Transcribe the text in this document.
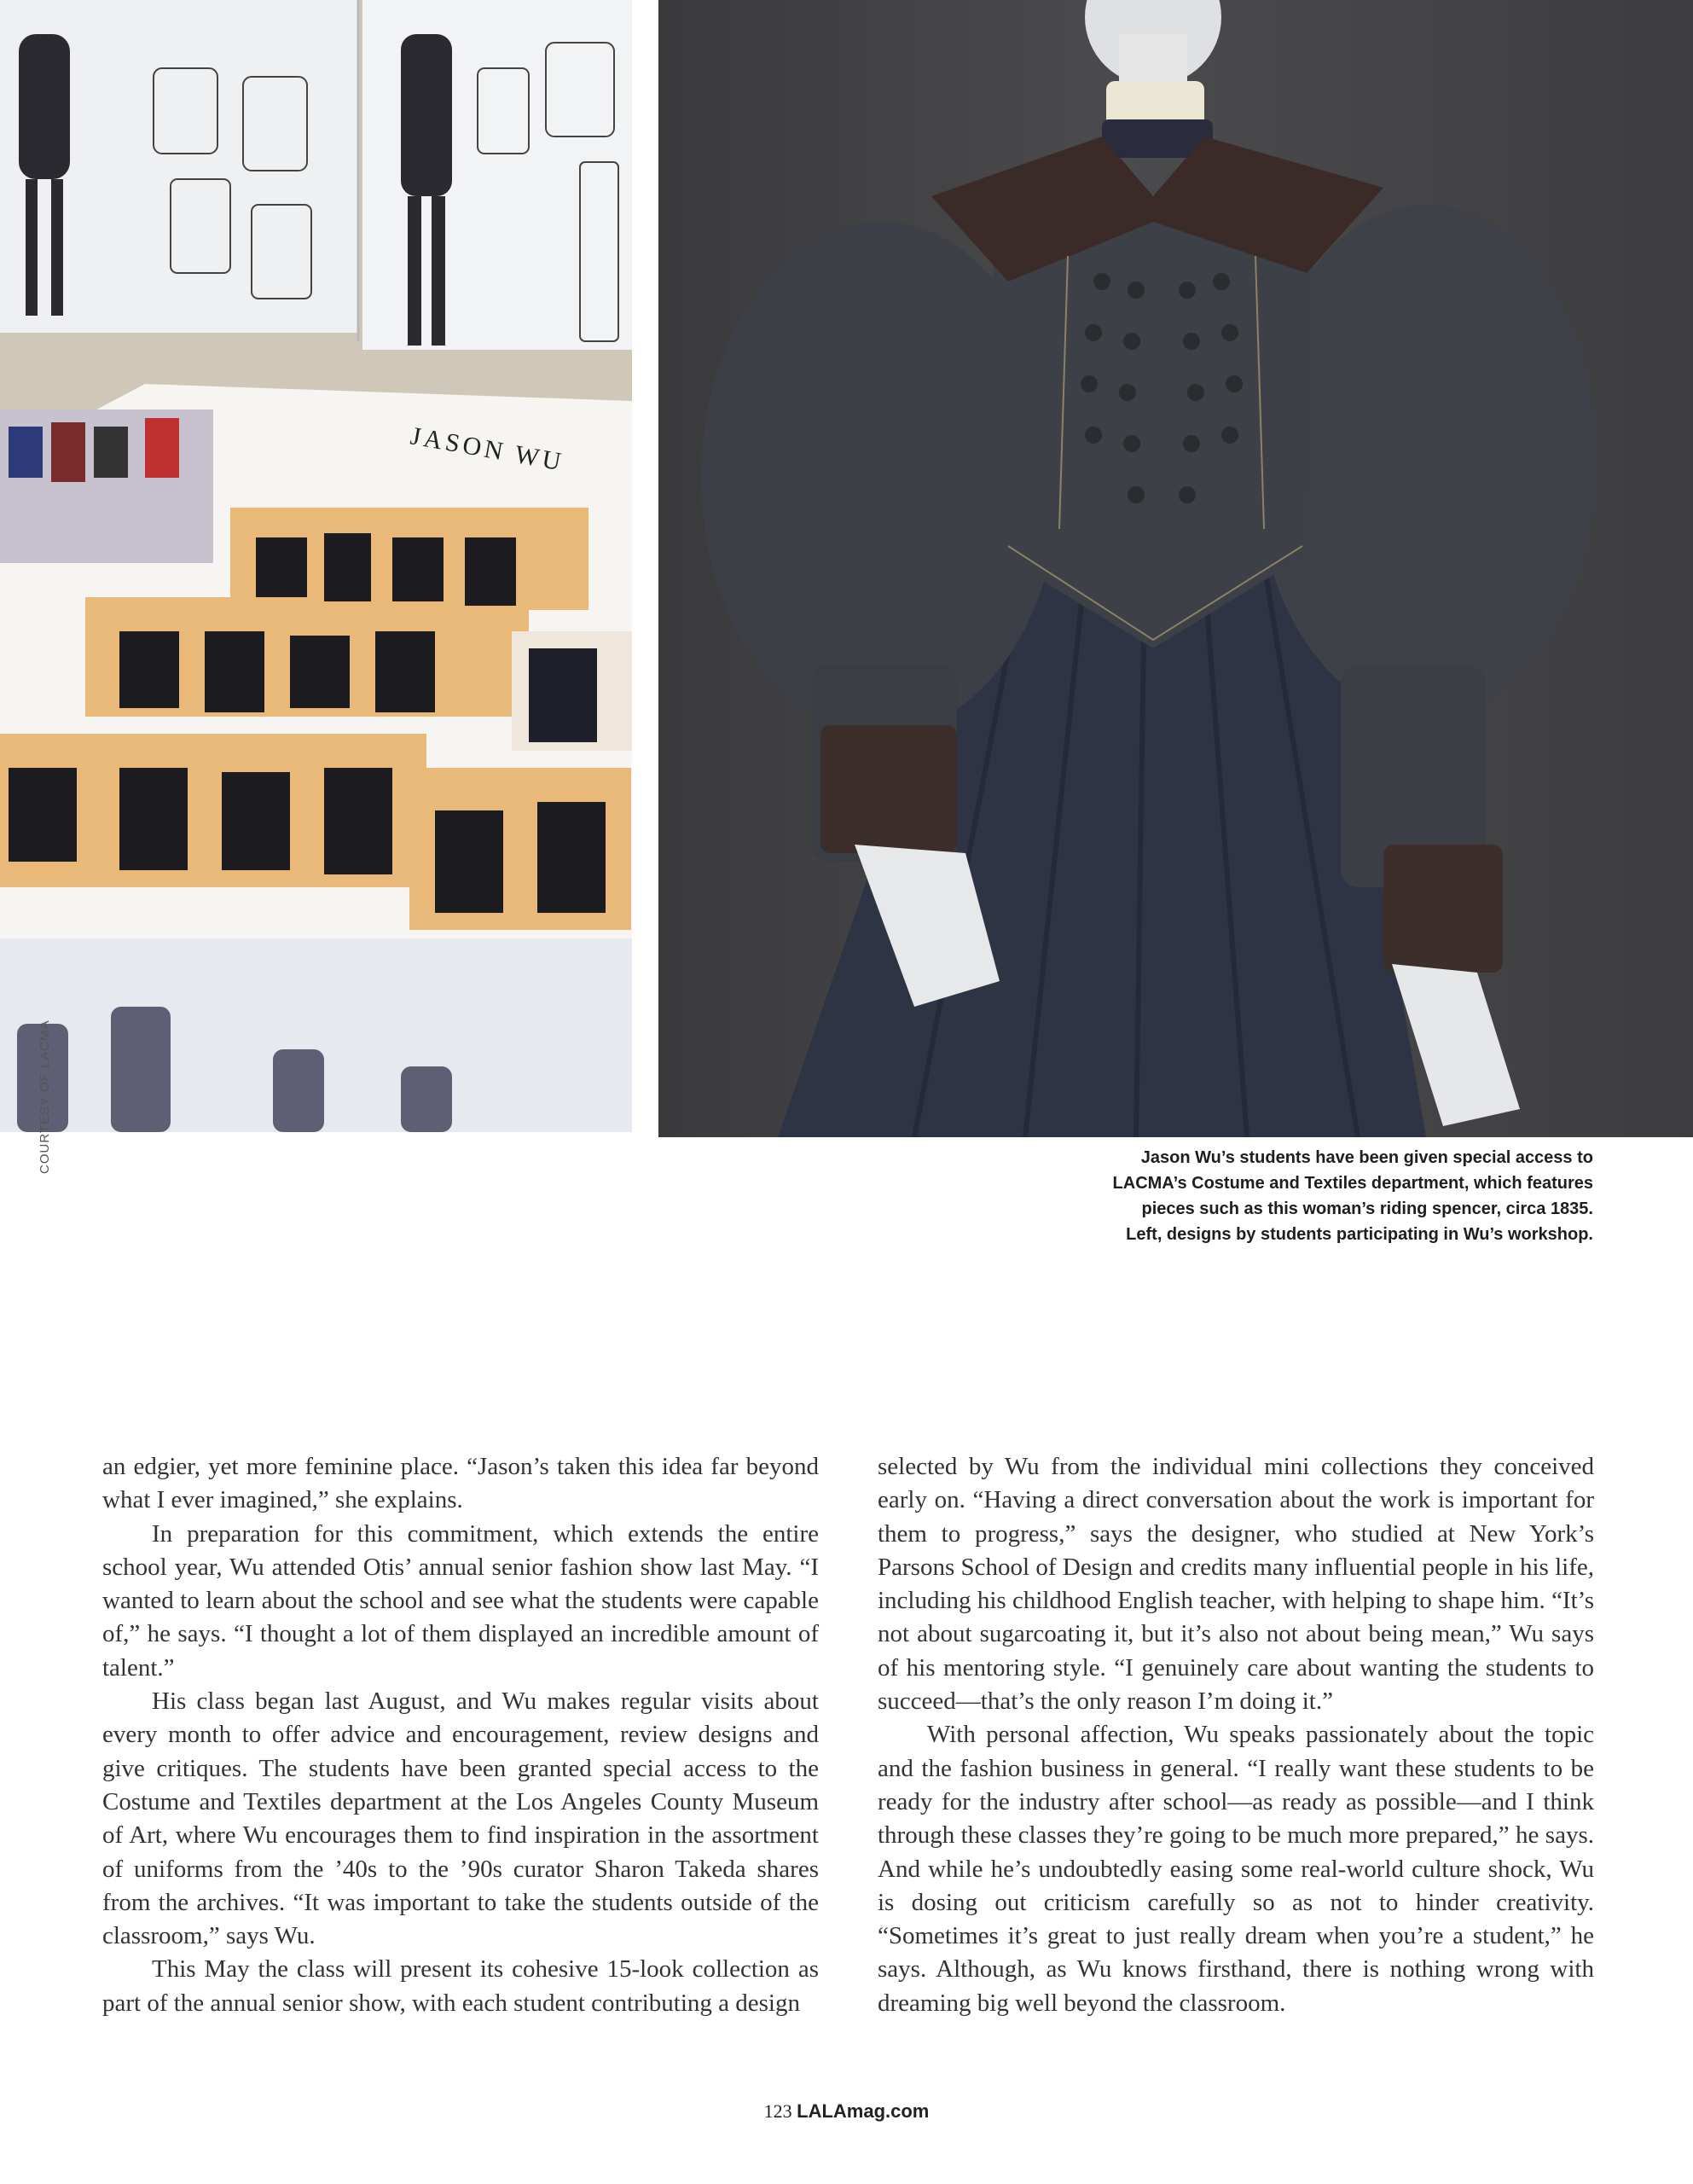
JASON WU
COURTESY OF LACMA	Jason Wu’s students have been given special access to
LACMA’s Costume and Textiles department, which features
pieces such as this woman’s riding spencer, circa 1835.
Left, designs by students participating in Wu’s workshop.

an edgier, yet more feminine place. “Jason’s taken this idea far beyond what I ever imagined,” she explains.

In preparation for this commitment, which extends the entire school year, Wu attended Otis’ annual senior fashion show last May. “I wanted to learn about the school and see what the students were capable of,” he says. “I thought a lot of them displayed an incredible amount of talent.”

His class began last August, and Wu makes regular visits about every month to offer advice and encouragement, review designs and give critiques. The students have been granted special access to the Costume and Textiles department at the Los Angeles County Museum of Art, where Wu encourages them to find inspiration in the assortment of uniforms from the ’40s to the ’90s curator Sharon Takeda shares from the archives. “It was important to take the students outside of the classroom,” says Wu.

This May the class will present its cohesive 15-look collection as part of the annual senior show, with each student contributing a design

selected by Wu from the individual mini collections they conceived early on. “Having a direct conversation about the work is important for them to progress,” says the designer, who studied at New York’s Parsons School of Design and credits many influential people in his life, including his childhood English teacher, with helping to shape him. “It’s not about sugarcoating it, but it’s also not about being mean,” Wu says of his mentoring style. “I genuinely care about wanting the students to succeed—that’s the only reason I’m doing it.”

With personal affection, Wu speaks passionately about the topic and the fashion business in general. “I really want these students to be ready for the industry after school—as ready as possible—and I think through these classes they’re going to be much more prepared,” he says. And while he’s undoubtedly easing some real-world culture shock, Wu is dosing out criticism carefully so as not to hinder creativity. “Sometimes it’s great to just really dream when you’re a student,” he says. Although, as Wu knows firsthand, there is nothing wrong with dreaming big well beyond the classroom.

123 LALAmag.com
